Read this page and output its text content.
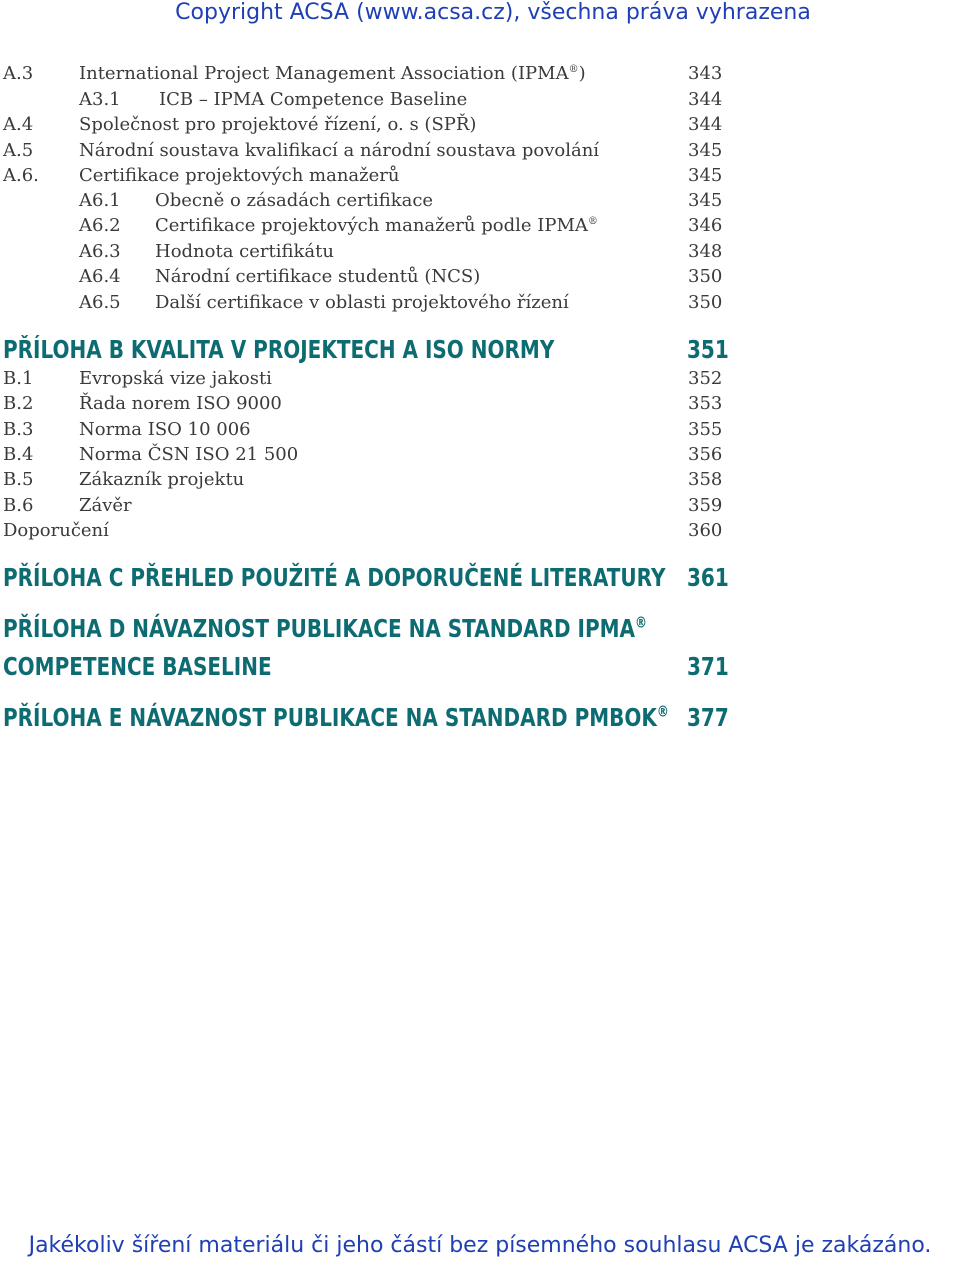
Copyright ACSA (www.acsa.cz), všechna práva vyhrazena
A.3	International Project Management Association (IPMA®)	343
A3.1 ICB – IPMA Competence Baseline	344
A.4	Společnost pro projektové řízení, o. s (SPŘ)	344
A.5	Národní soustava kvalifikací a národní soustava povolání	345
A.6. Certifikace projektových manažerů	345
A6.1 Obecně o zásadách certifikace	345
A6.2 Certifikace projektových manažerů podle IPMA®	346
A6.3 Hodnota certifikátu	348
A6.4 Národní certifikace studentů (NCS)	350
A6.5 Další certifikace v oblasti projektového řízení	350
PŘÍLOHA B KVALITA V PROJEKTECH A ISO NORMY	351
B.1	Evropská vize jakosti	352
B.2	Řada norem ISO 9000	353
B.3	Norma ISO 10 006	355
B.4	Norma ČSN ISO 21 500	356
B.5	Zákazník projektu	358
B.6	Závěr	359
Doporučení	360
PŘÍLOHA C PŘEHLED POUŽITÉ A DOPORUČENÉ LITERATURY 361
PŘÍLOHA D NÁVAZNOST PUBLIKACE NA STANDARD IPMA®
COMPETENCE BASELINE	371
PŘÍLOHA E NÁVAZNOST PUBLIKACE NA STANDARD PMBOK® 377
Jakékoliv šíření materiálu či jeho částí bez písemného souhlasu ACSA je zakázáno.
